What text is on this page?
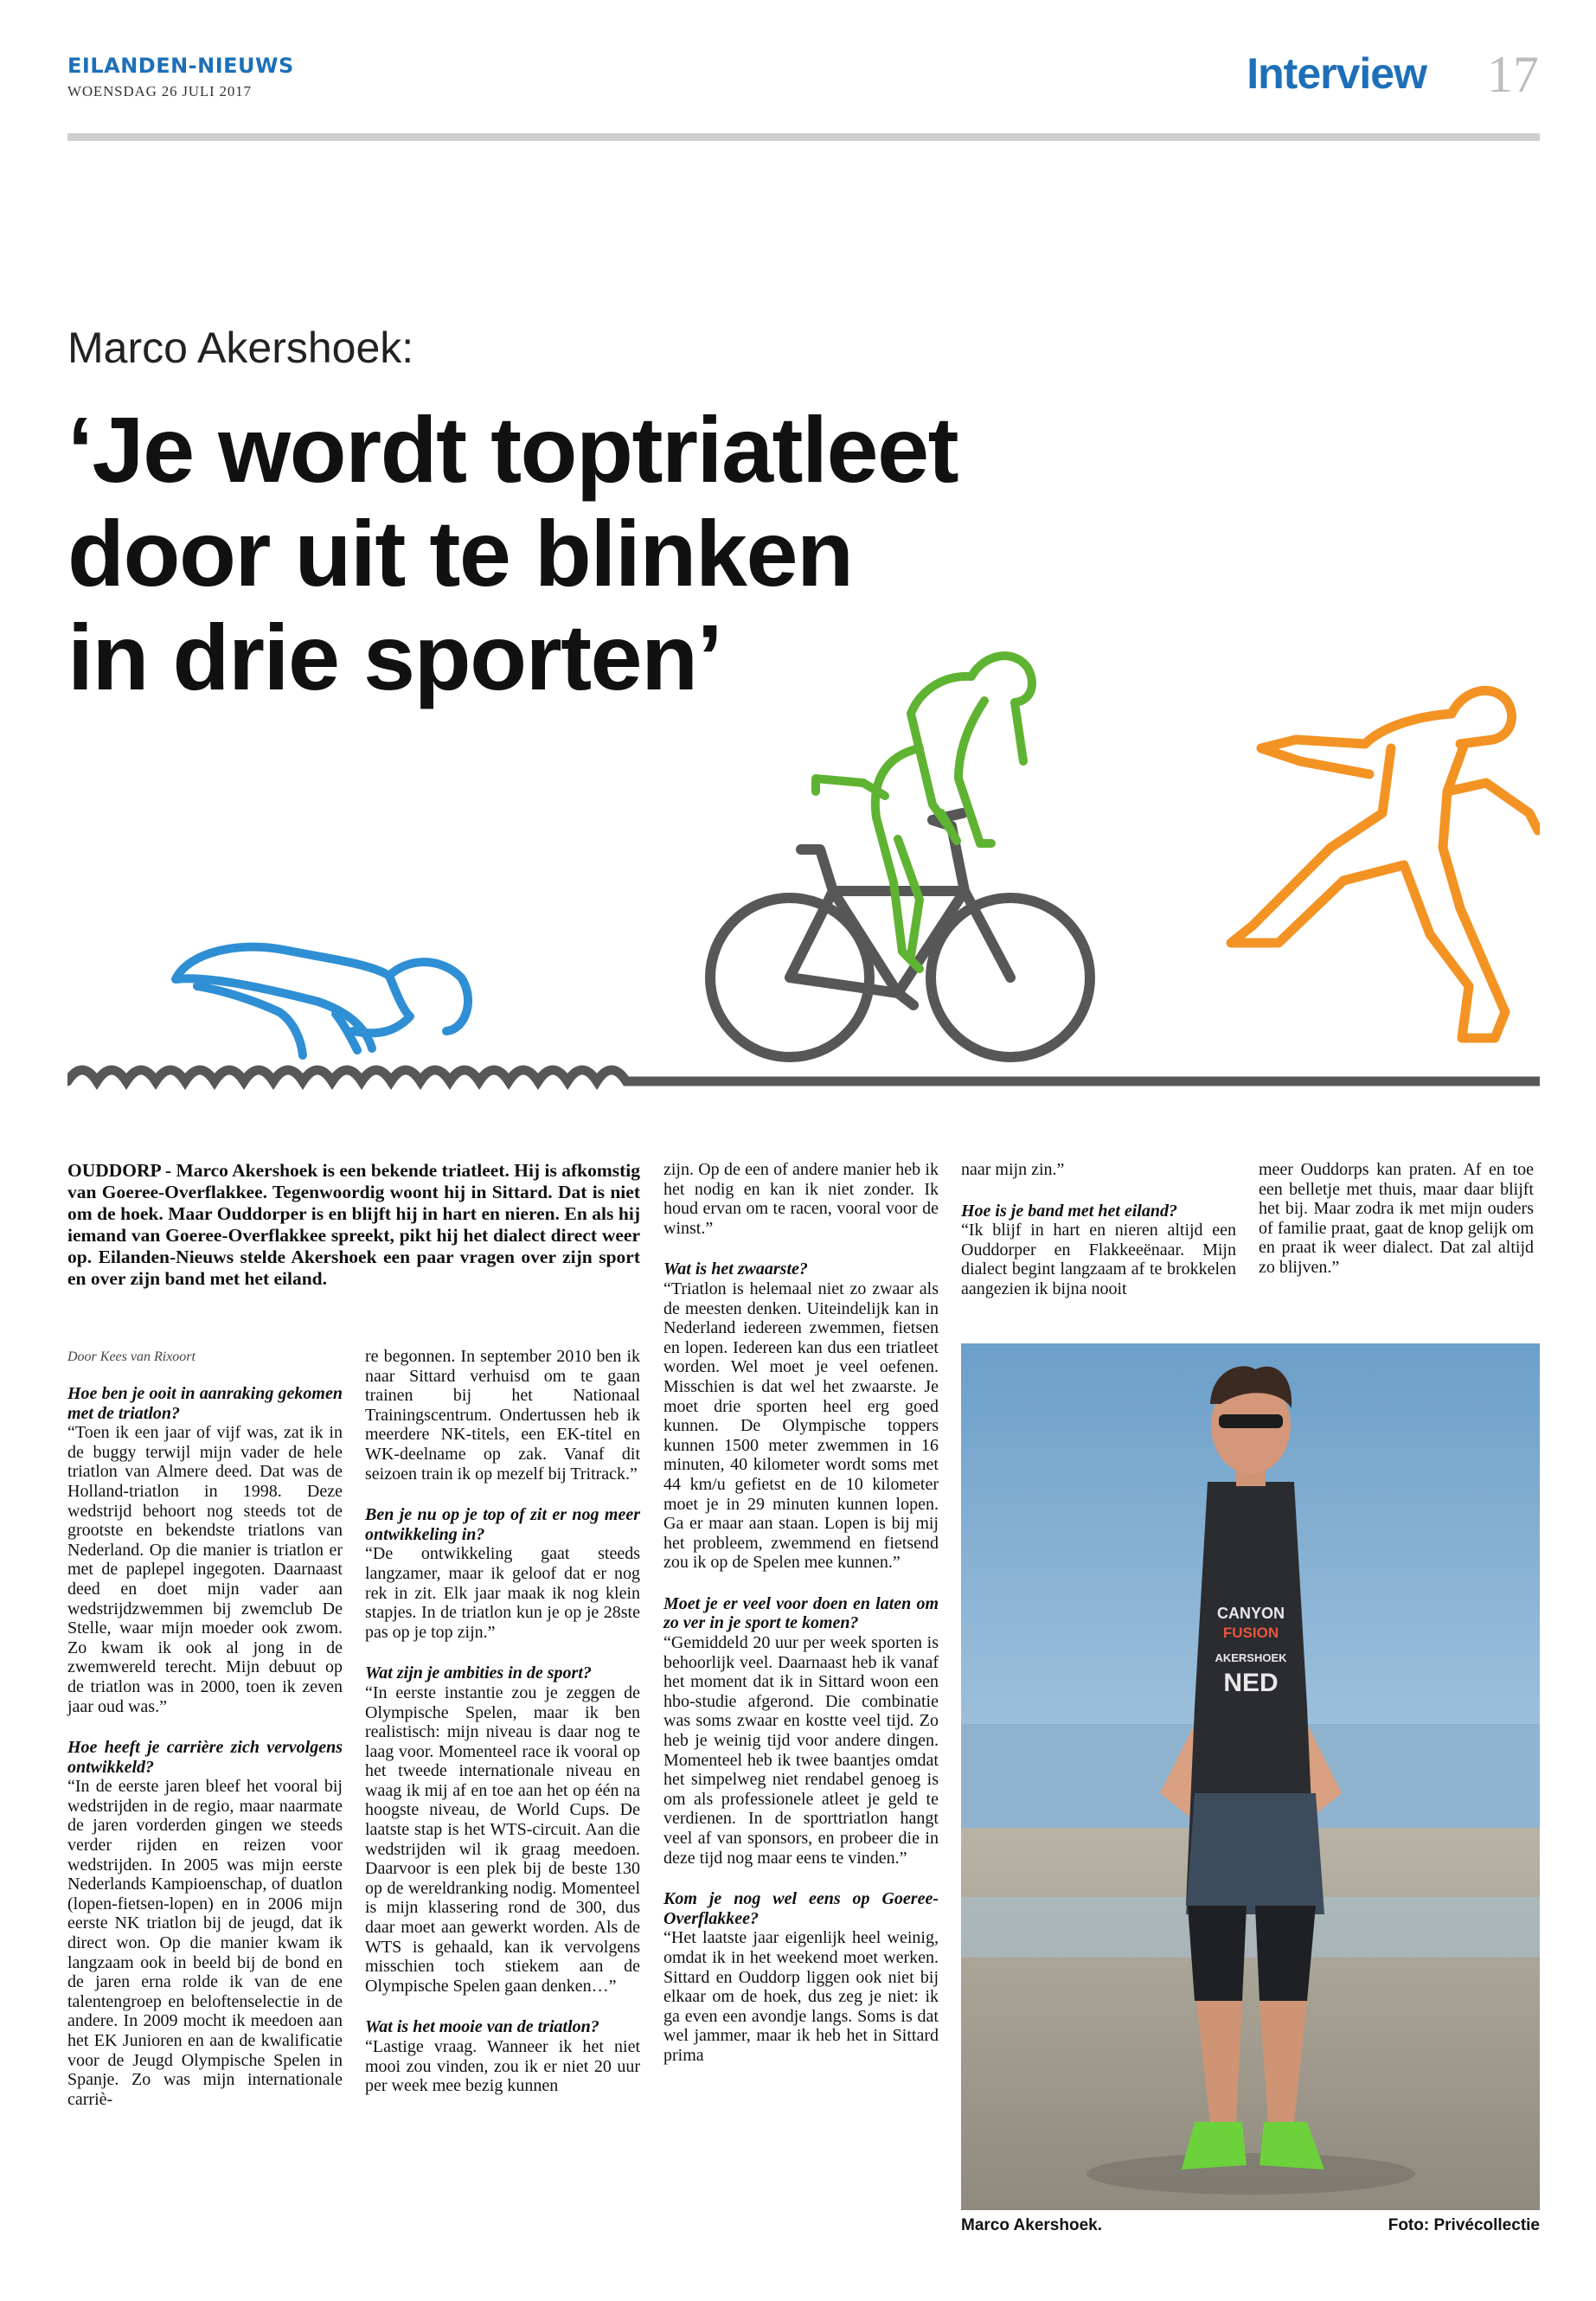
EILANDEN-NIEUWS
WOENSDAG 26 JULI 2017	Interview 17
Marco Akershoek:
‘Je wordt toptriatleet
door uit te blinken
in drie sporten’

OUDDORP - Marco Akershoek is een bekende triatleet. Hij is afkomstig van Goeree-Overflakkee. Tegenwoordig woont hij in Sittard. Dat is niet om de hoek. Maar Ouddorper is en blijft hij in hart en nieren. En als hij iemand van Goeree-Overflakkee spreekt, pikt hij het dialect direct weer op. Eilanden-Nieuws stelde Akershoek een paar vragen over zijn sport en over zijn band met het eiland.

Door Kees van Rixoort

Hoe ben je ooit in aanraking gekomen met de triatlon?

“Toen ik een jaar of vijf was, zat ik in de buggy terwijl mijn vader de hele triatlon van Almere deed. Dat was de Holland-triatlon in 1998. Deze wedstrijd behoort nog steeds tot de grootste en bekendste triatlons van Nederland. Op die manier is triatlon er met de paplepel ingegoten. Daarnaast deed en doet mijn vader aan wedstrijdzwemmen bij zwemclub De Stelle, waar mijn moeder ook zwom. Zo kwam ik ook al jong in de zwemwereld terecht. Mijn debuut op de triatlon was in 2000, toen ik zeven jaar oud was.”

Hoe heeft je carrière zich vervolgens ontwikkeld?

“In de eerste jaren bleef het vooral bij wedstrijden in de regio, maar naarmate de jaren vorderden gingen we steeds verder rijden en reizen voor wedstrijden. In 2005 was mijn eerste Nederlands Kampioenschap, of duatlon (lopen-fietsen-lopen) en in 2006 mijn eerste NK triatlon bij de jeugd, dat ik direct won. Op die manier kwam ik langzaam ook in beeld bij de bond en de jaren erna rolde ik van de ene talentengroep en beloftenselectie in de andere. In 2009 mocht ik meedoen aan het EK Junioren en aan de kwalificatie voor de Jeugd Olympische Spelen in Spanje. Zo was mijn internationale carriè-

re begonnen. In september 2010 ben ik naar Sittard verhuisd om te gaan trainen bij het Nationaal Trainingscentrum. Ondertussen heb ik meerdere NK-titels, een EK-titel en WK-deelname op zak. Vanaf dit seizoen train ik op mezelf bij Tritrack.”

Ben je nu op je top of zit er nog meer ontwikkeling in?

“De ontwikkeling gaat steeds langzamer, maar ik geloof dat er nog rek in zit. Elk jaar maak ik nog klein stapjes. In de triatlon kun je op je 28ste pas op je top zijn.”

Wat zijn je ambities in de sport?

“In eerste instantie zou je zeggen de Olympische Spelen, maar ik ben realistisch: mijn niveau is daar nog te laag voor. Momenteel race ik vooral op het tweede internationale niveau en waag ik mij af en toe aan het op één na hoogste niveau, de World Cups. De laatste stap is het WTS-circuit. Aan die wedstrijden wil ik graag meedoen. Daarvoor is een plek bij de beste 130 op de wereldranking nodig. Momenteel is mijn klassering rond de 300, dus daar moet aan gewerkt worden. Als de WTS is gehaald, kan ik vervolgens misschien toch stiekem aan de Olympische Spelen gaan denken…”

Wat is het mooie van de triatlon?

“Lastige vraag. Wanneer ik het niet mooi zou vinden, zou ik er niet 20 uur per week mee bezig kunnen

zijn. Op de een of andere manier heb ik het nodig en kan ik niet zonder. Ik houd ervan om te racen, vooral voor de winst.”

Wat is het zwaarste?

“Triatlon is helemaal niet zo zwaar als de meesten denken. Uiteindelijk kan in Nederland iedereen zwemmen, fietsen en lopen. Iedereen kan dus een triatleet worden. Wel moet je veel oefenen. Misschien is dat wel het zwaarste. Je moet drie sporten heel erg goed kunnen. De Olympische toppers kunnen 1500 meter zwemmen in 16 minuten, 40 kilometer wordt soms met 44 km/u gefietst en de 10 kilometer moet je in 29 minuten kunnen lopen. Ga er maar aan staan. Lopen is bij mij het probleem, zwemmend en fietsend zou ik op de Spelen mee kunnen.”

Moet je er veel voor doen en laten om zo ver in je sport te komen?

“Gemiddeld 20 uur per week sporten is behoorlijk veel. Daarnaast heb ik vanaf het moment dat ik in Sittard woon een hbo-studie afgerond. Die combinatie was soms zwaar en kostte veel tijd. Zo heb je weinig tijd voor andere dingen. Momenteel heb ik twee baantjes omdat het simpelweg niet rendabel genoeg is om als professionele atleet je geld te verdienen. In de sporttriatlon hangt veel af van sponsors, en probeer die in deze tijd nog maar eens te vinden.”

Kom je nog wel eens op Goeree-Overflakkee?

“Het laatste jaar eigenlijk heel weinig, omdat ik in het weekend moet werken. Sittard en Ouddorp liggen ook niet bij elkaar om de hoek, dus zeg je niet: ik ga even een avondje langs. Soms is dat wel jammer, maar ik heb het in Sittard prima

naar mijn zin.”

Hoe is je band met het eiland?

“Ik blijf in hart en nieren altijd een Ouddorper en Flakkeeënaar. Mijn dialect begint langzaam af te brokkelen aangezien ik bijna nooit

meer Ouddorps kan praten. Af en toe een belletje met thuis, maar daar blijft het bij. Maar zodra ik met mijn ouders of familie praat, gaat de knop gelijk om en praat ik weer dialect. Dat zal altijd zo blijven.”

CANYON
FUSION
AKERSHOEK
NED
Marco Akershoek.	Foto: Privécollectie
